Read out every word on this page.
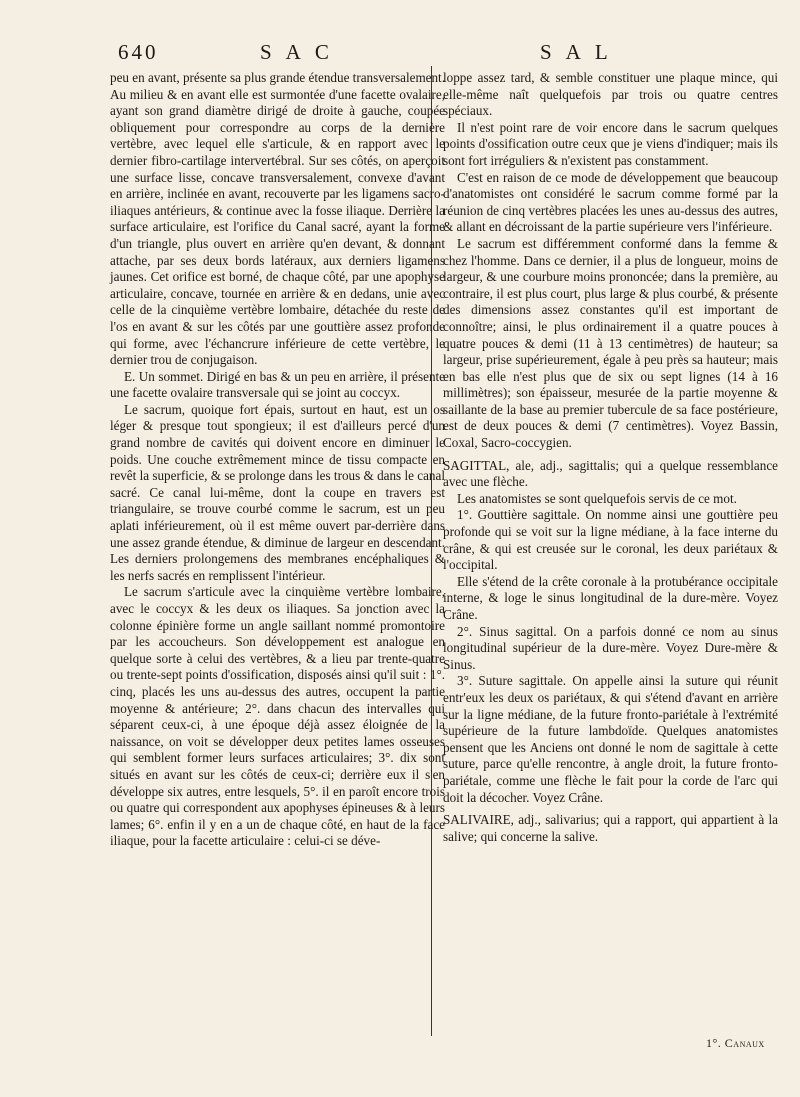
640	SAC	SAL

peu en avant, présente sa plus grande étendue transversalement. Au milieu & en avant elle est surmontée d'une facette ovalaire, ayant son grand diamètre dirigé de droite à gauche, coupée obliquement pour correspondre au corps de la dernière vertèbre, avec lequel elle s'articule, & en rapport avec le dernier fibro-cartilage intervertébral. Sur ses côtés, on aperçoit une surface lisse, concave transversalement, convexe d'avant en arrière, inclinée en avant, recouverte par les ligamens sacro-iliaques antérieurs, & continue avec la fosse iliaque. Derrière la surface articulaire, est l'orifice du Canal sacré, ayant la forme d'un triangle, plus ouvert en arrière qu'en devant, & donnant attache, par ses deux bords latéraux, aux derniers ligamens jaunes. Cet orifice est borné, de chaque côté, par une apophyse articulaire, concave, tournée en arrière & en dedans, unie avec celle de la cinquième vertèbre lombaire, détachée du reste de l'os en avant & sur les côtés par une gouttière assez profonde qui forme, avec l'échancrure inférieure de cette vertèbre, le dernier trou de conjugaison.

E. Un sommet. Dirigé en bas & un peu en arrière, il présente une facette ovalaire transversale qui se joint au coccyx.

Le sacrum, quoique fort épais, surtout en haut, est un os léger & presque tout spongieux; il est d'ailleurs percé d'un grand nombre de cavités qui doivent encore en diminuer le poids. Une couche extrêmement mince de tissu compacte en revêt la superficie, & se prolonge dans les trous & dans le canal sacré. Ce canal lui-même, dont la coupe en travers est triangulaire, se trouve courbé comme le sacrum, est un peu aplati inférieurement, où il est même ouvert par-derrière dans une assez grande étendue, & diminue de largeur en descendant. Les derniers prolongemens des membranes encéphaliques & les nerfs sacrés en remplissent l'intérieur.

Le sacrum s'articule avec la cinquième vertèbre lombaire, avec le coccyx & les deux os iliaques. Sa jonction avec la colonne épinière forme un angle saillant nommé promontoire par les accoucheurs. Son développement est analogue en quelque sorte à celui des vertèbres, & a lieu par trente-quatre ou trente-sept points d'ossification, disposés ainsi qu'il suit : 1°. cinq, placés les uns au-dessus des autres, occupent la partie moyenne & antérieure; 2°. dans chacun des intervalles qui séparent ceux-ci, à une époque déjà assez éloignée de la naissance, on voit se développer deux petites lames osseuses qui semblent former leurs surfaces articulaires; 3°. dix sont situés en avant sur les côtés de ceux-ci; derrière eux il s'en développe six autres, entre lesquels, 5°. il en paroît encore trois ou quatre qui correspondent aux apophyses épineuses & à leurs lames; 6°. enfin il y en a un de chaque côté, en haut de la face iliaque, pour la facette articulaire : celui-ci se déve-

loppe assez tard, & semble constituer une plaque mince, qui elle-même naît quelquefois par trois ou quatre centres spéciaux.

Il n'est point rare de voir encore dans le sacrum quelques points d'ossification outre ceux que je viens d'indiquer; mais ils sont fort irréguliers & n'existent pas constamment.

C'est en raison de ce mode de développement que beaucoup d'anatomistes ont considéré le sacrum comme formé par la réunion de cinq vertèbres placées les unes au-dessus des autres, & allant en décroissant de la partie supérieure vers l'inférieure.

Le sacrum est différemment conformé dans la femme & chez l'homme. Dans ce dernier, il a plus de longueur, moins de largeur, & une courbure moins prononcée; dans la première, au contraire, il est plus court, plus large & plus courbé, & présente des dimensions assez constantes qu'il est important de connoître; ainsi, le plus ordinairement il a quatre pouces à quatre pouces & demi (11 à 13 centimètres) de hauteur; sa largeur, prise supérieurement, égale à peu près sa hauteur; mais en bas elle n'est plus que de six ou sept lignes (14 à 16 millimètres); son épaisseur, mesurée de la partie moyenne & saillante de la base au premier tubercule de sa face postérieure, est de deux pouces & demi (7 centimètres). Voyez Bassin, Coxal, Sacro-coccygien.

SAGITTAL, ale, adj., sagittalis; qui a quelque ressemblance avec une flèche.

Les anatomistes se sont quelquefois servis de ce mot.

1°. Gouttière sagittale. On nomme ainsi une gouttière peu profonde qui se voit sur la ligne médiane, à la face interne du crâne, & qui est creusée sur le coronal, les deux pariétaux & l'occipital.

Elle s'étend de la crête coronale à la protubérance occipitale interne, & loge le sinus longitudinal de la dure-mère. Voyez Crâne.

2°. Sinus sagittal. On a parfois donné ce nom au sinus longitudinal supérieur de la dure-mère. Voyez Dure-mère & Sinus.

3°. Suture sagittale. On appelle ainsi la suture qui réunit entr'eux les deux os pariétaux, & qui s'étend d'avant en arrière sur la ligne médiane, de la future fronto-pariétale à l'extrémité supérieure de la future lambdoïde. Quelques anatomistes pensent que les Anciens ont donné le nom de sagittale à cette suture, parce qu'elle rencontre, à angle droit, la future fronto-pariétale, comme une flèche le fait pour la corde de l'arc qui doit la décocher. Voyez Crâne.

SALIVAIRE, adj., salivarius; qui a rapport, qui appartient à la salive; qui concerne la salive.

1°. Canaux
